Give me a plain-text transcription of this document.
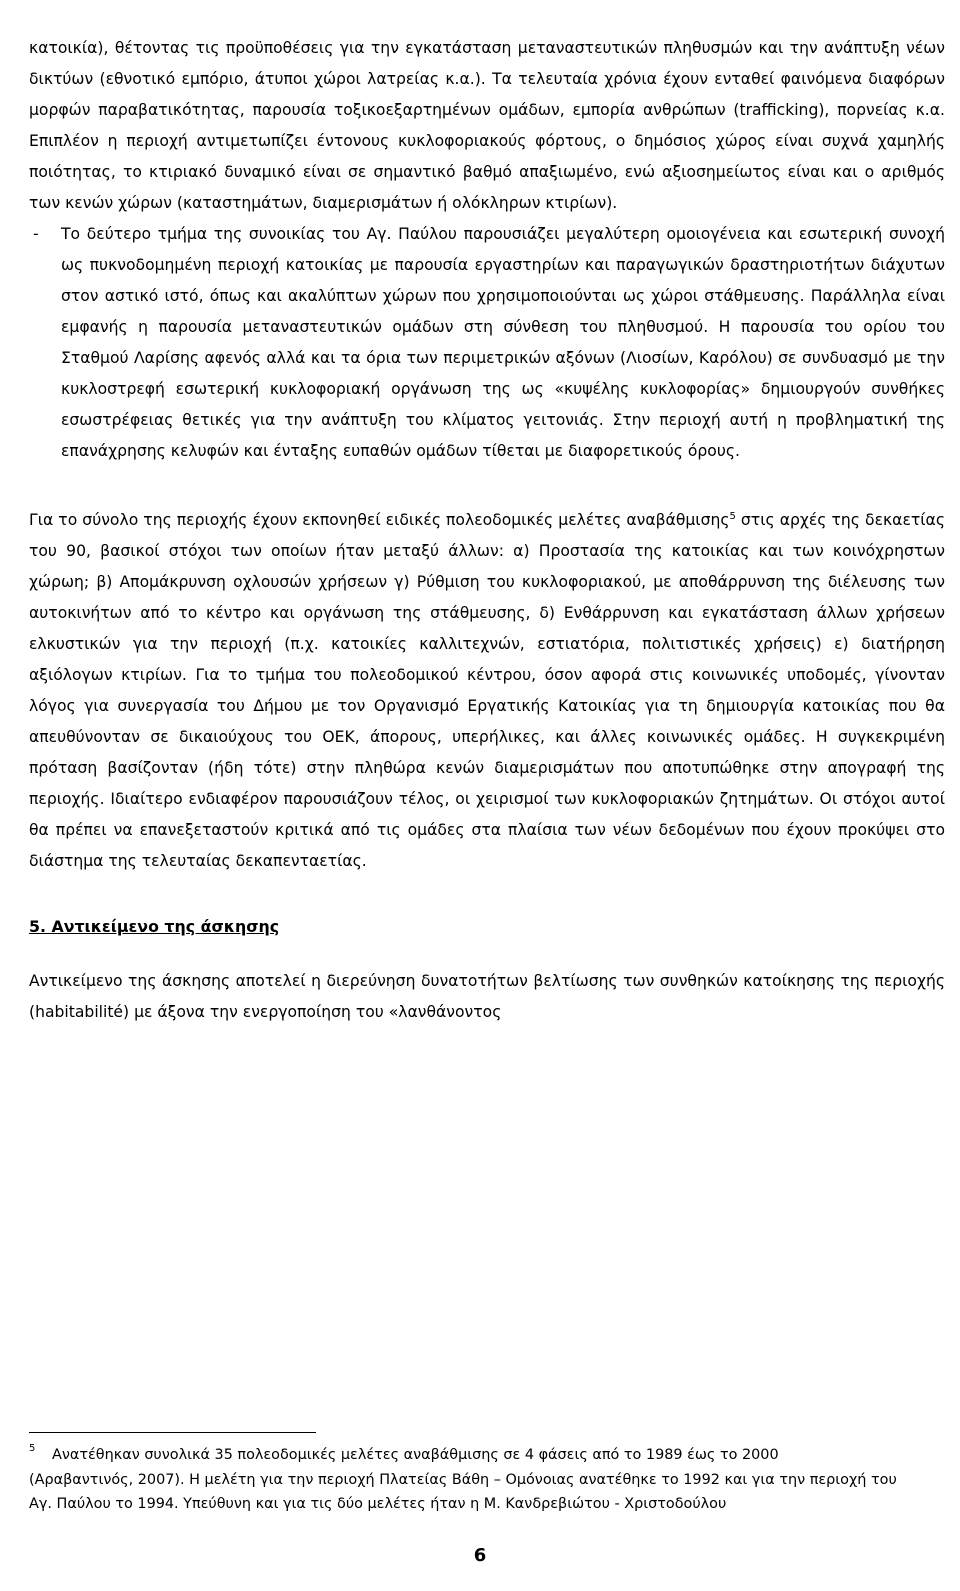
κατοικία), θέτοντας τις προϋποθέσεις για την εγκατάσταση μεταναστευτικών πληθυσμών και την ανάπτυξη νέων δικτύων (εθνοτικό εμπόριο, άτυποι χώροι λατρείας κ.α.). Τα τελευταία χρόνια έχουν ενταθεί φαινόμενα διαφόρων μορφών παραβατικότητας, παρουσία τοξικοεξαρτημένων ομάδων, εμπορία ανθρώπων (trafficking), πορνείας κ.α. Επιπλέον η περιοχή αντιμετωπίζει έντονους κυκλοφοριακούς φόρτους, ο δημόσιος χώρος είναι συχνά χαμηλής ποιότητας, το κτιριακό δυναμικό είναι σε σημαντικό βαθμό απαξιωμένο, ενώ αξιοσημείωτος είναι και ο αριθμός των κενών χώρων (καταστημάτων, διαμερισμάτων ή ολόκληρων κτιρίων).

- Το δεύτερο τμήμα της συνοικίας του Αγ. Παύλου παρουσιάζει μεγαλύτερη ομοιογένεια και εσωτερική συνοχή ως πυκνοδομημένη περιοχή κατοικίας με παρουσία εργαστηρίων και παραγωγικών δραστηριοτήτων διάχυτων στον αστικό ιστό, όπως και ακαλύπτων χώρων που χρησιμοποιούνται ως χώροι στάθμευσης. Παράλληλα είναι εμφανής η παρουσία μεταναστευτικών ομάδων στη σύνθεση του πληθυσμού. Η παρουσία του ορίου του Σταθμού Λαρίσης αφενός αλλά και τα όρια των περιμετρικών αξόνων (Λιοσίων, Καρόλου) σε συνδυασμό με την κυκλοστρεφή εσωτερική κυκλοφοριακή οργάνωση της ως «κυψέλης κυκλοφορίας» δημιουργούν συνθήκες εσωστρέφειας θετικές για την ανάπτυξη του κλίματος γειτονιάς. Στην περιοχή αυτή η προβληματική της επανάχρησης κελυφών και ένταξης ευπαθών ομάδων τίθεται με διαφορετικούς όρους.

Για το σύνολο της περιοχής έχουν εκπονηθεί ειδικές πολεοδομικές μελέτες αναβάθμισης$^5$ στις αρχές της δεκαετίας του 90, βασικοί στόχοι των οποίων ήταν μεταξύ άλλων: α) Προστασία της κατοικίας και των κοινόχρηστων χώρωη; β) Απομάκρυνση οχλουσών χρήσεων γ) Ρύθμιση του κυκλοφοριακού, με αποθάρρυνση της διέλευσης των αυτοκινήτων από το κέντρο και οργάνωση της στάθμευσης, δ) Ενθάρρυνση και εγκατάσταση άλλων χρήσεων ελκυστικών για την περιοχή (π.χ. κατοικίες καλλιτεχνών, εστιατόρια, πολιτιστικές χρήσεις) ε) διατήρηση αξιόλογων κτιρίων. Για το τμήμα του πολεοδομικού κέντρου, όσον αφορά στις κοινωνικές υποδομές, γίνονταν λόγος για συνεργασία του Δήμου με τον Οργανισμό Εργατικής Κατοικίας για τη δημιουργία κατοικίας που θα απευθύνονταν σε δικαιούχους του ΟΕΚ, άπορους, υπερήλικες, και άλλες κοινωνικές ομάδες. Η συγκεκριμένη πρόταση βασίζονταν (ήδη τότε) στην πληθώρα κενών διαμερισμάτων που αποτυπώθηκε στην απογραφή της περιοχής. Ιδιαίτερο ενδιαφέρον παρουσιάζουν τέλος, οι χειρισμοί των κυκλοφοριακών ζητημάτων. Οι στόχοι αυτοί θα πρέπει να επανεξεταστούν κριτικά από τις ομάδες στα πλαίσια των νέων δεδομένων που έχουν προκύψει στο διάστημα της τελευταίας δεκαπενταετίας.

5. Αντικείμενο της άσκησης

Αντικείμενο της άσκησης αποτελεί η διερεύνηση δυνατοτήτων βελτίωσης των συνθηκών κατοίκησης της περιοχής (habitabilité) με άξονα την ενεργοποίηση του «λανθάνοντος

5	Ανατέθηκαν συνολικά 35 πολεοδομικές μελέτες αναβάθμισης σε 4 φάσεις από το 1989 έως το 2000
(Αραβαντινός, 2007). Η μελέτη για την περιοχή Πλατείας Βάθη – Ομόνοιας ανατέθηκε το 1992 και για την περιοχή του Αγ. Παύλου το 1994. Υπεύθυνη και για τις δύο μελέτες ήταν η Μ. Κανδρεβιώτου - Χριστοδούλου
6
